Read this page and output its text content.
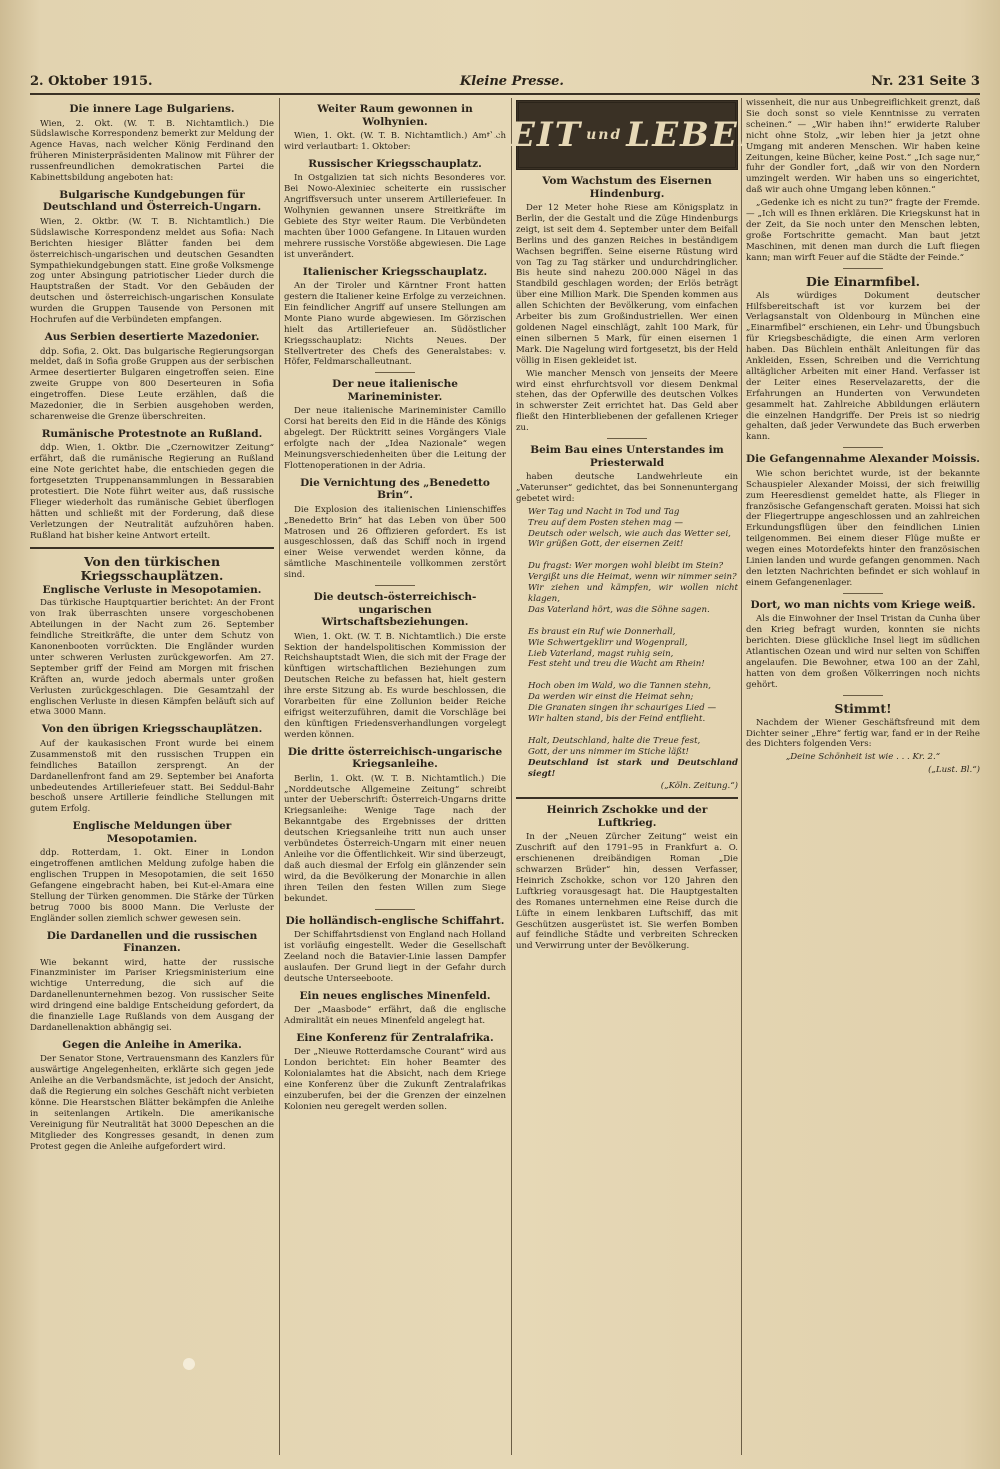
2. Oktober 1915.	Kleine Presse.	Nr. 231 Seite 3
Die innere Lage Bulgariens.

Wien, 2. Okt. (W. T. B. Nichtamtlich.) Die Südslawische Korrespondenz bemerkt zur Meldung der Agence Havas, nach welcher König Ferdinand den früheren Ministerpräsidenten Malinow mit Führer der russenfreundlichen demokratischen Partei die Kabinettsbildung angeboten hat:

Bulgarische Kundgebungen für Deutschland und Österreich-Ungarn.

Wien, 2. Oktbr. (W. T. B. Nichtamtlich.) Die Südslawische Korrespondenz meldet aus Sofia: Nach Berichten hiesiger Blätter fanden bei dem österreichisch-ungarischen und deutschen Gesandten Sympathiekundgebungen statt. Eine große Volksmenge zog unter Absingung patriotischer Lieder durch die Hauptstraßen der Stadt. Vor den Gebäuden der deutschen und österreichisch-ungarischen Konsulate wurden die Gruppen Tausende von Personen mit Hochrufen auf die Verbündeten empfangen.

Aus Serbien desertierte Mazedonier.

ddp. Sofia, 2. Okt. Das bulgarische Regierungsorgan meldet, daß in Sofia große Gruppen aus der serbischen Armee desertierter Bulgaren eingetroffen seien. Eine zweite Gruppe von 800 Deserteuren in Sofia eingetroffen. Diese Leute erzählen, daß die Mazedonier, die in Serbien ausgehoben werden, scharenweise die Grenze überschreiten.

Rumänische Protestnote an Rußland.

ddp. Wien, 1. Oktbr. Die „Czernowitzer Zeitung“ erfährt, daß die rumänische Regierung an Rußland eine Note gerichtet habe, die entschieden gegen die fortgesetzten Truppenansammlungen in Bessarabien protestiert. Die Note führt weiter aus, daß russische Flieger wiederholt das rumänische Gebiet überflogen hätten und schließt mit der Forderung, daß diese Verletzungen der Neutralität aufzuhören haben. Rußland hat bisher keine Antwort erteilt.

Von den türkischen Kriegsschauplätzen.
Englische Verluste in Mesopotamien.

Das türkische Hauptquartier berichtet: An der Front von Irak überraschten unsere vorgeschobenen Abteilungen in der Nacht zum 26. September feindliche Streitkräfte, die unter dem Schutz von Kanonenbooten vorrückten. Die Engländer wurden unter schweren Verlusten zurückgeworfen. Am 27. September griff der Feind am Morgen mit frischen Kräften an, wurde jedoch abermals unter großen Verlusten zurückgeschlagen. Die Gesamtzahl der englischen Verluste in diesen Kämpfen beläuft sich auf etwa 3000 Mann.

Von den übrigen Kriegsschauplätzen.

Auf der kaukasischen Front wurde bei einem Zusammenstoß mit den russischen Truppen ein feindliches Bataillon zersprengt. An der Dardanellenfront fand am 29. September bei Anaforta unbedeutendes Artilleriefeuer statt. Bei Seddul-Bahr beschoß unsere Artillerie feindliche Stellungen mit gutem Erfolg.

Englische Meldungen über Mesopotamien.

ddp. Rotterdam, 1. Okt. Einer in London eingetroffenen amtlichen Meldung zufolge haben die englischen Truppen in Mesopotamien, die seit 1650 Gefangene eingebracht haben, bei Kut-el-Amara eine Stellung der Türken genommen. Die Stärke der Türken betrug 7000 bis 8000 Mann. Die Verluste der Engländer sollen ziemlich schwer gewesen sein.

Die Dardanellen und die russischen Finanzen.

Wie bekannt wird, hatte der russische Finanzminister im Pariser Kriegsministerium eine wichtige Unterredung, die sich auf die Dardanellenunternehmen bezog. Von russischer Seite wird dringend eine baldige Entscheidung gefordert, da die finanzielle Lage Rußlands von dem Ausgang der Dardanellenaktion abhängig sei.

Gegen die Anleihe in Amerika.

Der Senator Stone, Vertrauensmann des Kanzlers für auswärtige Angelegenheiten, erklärte sich gegen jede Anleihe an die Verbandsmächte, ist jedoch der Ansicht, daß die Regierung ein solches Geschäft nicht verbieten könne. Die Hearstschen Blätter bekämpfen die Anleihe in seitenlangen Artikeln. Die amerikanische Vereinigung für Neutralität hat 3000 Depeschen an die Mitglieder des Kongresses gesandt, in denen zum Protest gegen die Anleihe aufgefordert wird.

Weiter Raum gewonnen in Wolhynien.

Wien, 1. Okt. (W. T. B. Nichtamtlich.) Amtlich wird verlautbart: 1. Oktober:

Russischer Kriegsschauplatz.

In Ostgalizien tat sich nichts Besonderes vor. Bei Nowo-Alexiniec scheiterte ein russischer Angriffsversuch unter unserem Artilleriefeuer. In Wolhynien gewannen unsere Streitkräfte im Gebiete des Styr weiter Raum. Die Verbündeten machten über 1000 Gefangene. In Litauen wurden mehrere russische Vorstöße abgewiesen. Die Lage ist unverändert.

Italienischer Kriegsschauplatz.

An der Tiroler und Kärntner Front hatten gestern die Italiener keine Erfolge zu verzeichnen. Ein feindlicher Angriff auf unsere Stellungen am Monte Piano wurde abgewiesen. Im Görzischen hielt das Artilleriefeuer an. Südöstlicher Kriegsschauplatz: Nichts Neues. Der Stellvertreter des Chefs des Generalstabes: v. Höfer, Feldmarschalleutnant.

Der neue italienische Marineminister.

Der neue italienische Marineminister Camillo Corsi hat bereits den Eid in die Hände des Königs abgelegt. Der Rücktritt seines Vorgängers Viale erfolgte nach der „Idea Nazionale“ wegen Meinungsverschiedenheiten über die Leitung der Flottenoperationen in der Adria.

Die Vernichtung des „Benedetto Brin“.

Die Explosion des italienischen Linienschiffes „Benedetto Brin“ hat das Leben von über 500 Matrosen und 26 Offizieren gefordert. Es ist ausgeschlossen, daß das Schiff noch in irgend einer Weise verwendet werden könne, da sämtliche Maschinenteile vollkommen zerstört sind.

Die deutsch-österreichisch-ungarischen Wirtschaftsbeziehungen.

Wien, 1. Okt. (W. T. B. Nichtamtlich.) Die erste Sektion der handelspolitischen Kommission der Reichshauptstadt Wien, die sich mit der Frage der künftigen wirtschaftlichen Beziehungen zum Deutschen Reiche zu befassen hat, hielt gestern ihre erste Sitzung ab. Es wurde beschlossen, die Vorarbeiten für eine Zollunion beider Reiche eifrigst weiterzuführen, damit die Vorschläge bei den künftigen Friedensverhandlungen vorgelegt werden können.

Die dritte österreichisch-ungarische Kriegsanleihe.

Berlin, 1. Okt. (W. T. B. Nichtamtlich.) Die „Norddeutsche Allgemeine Zeitung“ schreibt unter der Ueberschrift: Österreich-Ungarns dritte Kriegsanleihe: Wenige Tage nach der Bekanntgabe des Ergebnisses der dritten deutschen Kriegsanleihe tritt nun auch unser verbündetes Österreich-Ungarn mit einer neuen Anleihe vor die Öffentlichkeit. Wir sind überzeugt, daß auch diesmal der Erfolg ein glänzender sein wird, da die Bevölkerung der Monarchie in allen ihren Teilen den festen Willen zum Siege bekundet.

Die holländisch-englische Schiffahrt.

Der Schiffahrtsdienst von England nach Holland ist vorläufig eingestellt. Weder die Gesellschaft Zeeland noch die Batavier-Linie lassen Dampfer auslaufen. Der Grund liegt in der Gefahr durch deutsche Unterseeboote.

Ein neues englisches Minenfeld.

Der „Maasbode“ erfährt, daß die englische Admiralität ein neues Minenfeld angelegt hat.

Eine Konferenz für Zentralafrika.

Der „Nieuwe Rotterdamsche Courant“ wird aus London berichtet: Ein hoher Beamter des Kolonialamtes hat die Absicht, nach dem Kriege eine Konferenz über die Zukunft Zentralafrikas einzuberufen, bei der die Grenzen der einzelnen Kolonien neu geregelt werden sollen.

ZEIT und LEBEN
Vom Wachstum des Eisernen Hindenburg.

Der 12 Meter hohe Riese am Königsplatz in Berlin, der die Gestalt und die Züge Hindenburgs zeigt, ist seit dem 4. September unter dem Beifall Berlins und des ganzen Reiches in beständigem Wachsen begriffen. Seine eiserne Rüstung wird von Tag zu Tag stärker und undurchdringlicher. Bis heute sind nahezu 200.000 Nägel in das Standbild geschlagen worden; der Erlös beträgt über eine Million Mark. Die Spenden kommen aus allen Schichten der Bevölkerung, vom einfachen Arbeiter bis zum Großindustriellen. Wer einen goldenen Nagel einschlägt, zahlt 100 Mark, für einen silbernen 5 Mark, für einen eisernen 1 Mark. Die Nagelung wird fortgesetzt, bis der Held völlig in Eisen gekleidet ist.

Wie mancher Mensch von jenseits der Meere wird einst ehrfurchtsvoll vor diesem Denkmal stehen, das der Opferwille des deutschen Volkes in schwerster Zeit errichtet hat. Das Geld aber fließt den Hinterbliebenen der gefallenen Krieger zu.

Beim Bau eines Unterstandes im Priesterwald

haben deutsche Landwehrleute ein „Vaterunser“ gedichtet, das bei Sonnenuntergang gebetet wird:

Wer Tag und Nacht in Tod und Tag

Treu auf dem Posten stehen mag —

Deutsch oder welsch, wie auch das Wetter sei,

Wir grüßen Gott, der eisernen Zeit!

Du fragst: Wer morgen wohl bleibt im Stein?

Vergißt uns die Heimat, wenn wir nimmer sein?

Wir ziehen und kämpfen, wir wollen nicht klagen,

Das Vaterland hört, was die Söhne sagen.

Es braust ein Ruf wie Donnerhall,

Wie Schwertgeklirr und Wogenprall,

Lieb Vaterland, magst ruhig sein,

Fest steht und treu die Wacht am Rhein!

Hoch oben im Wald, wo die Tannen stehn,

Da werden wir einst die Heimat sehn;

Die Granaten singen ihr schauriges Lied —

Wir halten stand, bis der Feind entflieht.

Halt, Deutschland, halte die Treue fest,

Gott, der uns nimmer im Stiche läßt!

Deutschland ist stark und Deutschland siegt!

(„Köln. Zeitung.“)
Heinrich Zschokke und der Luftkrieg.

In der „Neuen Zürcher Zeitung“ weist ein Zuschrift auf den 1791–95 in Frankfurt a. O. erschienenen dreibändigen Roman „Die schwarzen Brüder“ hin, dessen Verfasser, Heinrich Zschokke, schon vor 120 Jahren den Luftkrieg vorausgesagt hat. Die Hauptgestalten des Romanes unternehmen eine Reise durch die Lüfte in einem lenkbaren Luftschiff, das mit Geschützen ausgerüstet ist. Sie werfen Bomben auf feindliche Städte und verbreiten Schrecken und Verwirrung unter der Bevölkerung.

wissenheit, die nur aus Unbegreiflichkeit grenzt, daß Sie doch sonst so viele Kenntnisse zu verraten scheinen.“ — „Wir haben ihn!“ erwiderte Raluber nicht ohne Stolz, „wir leben hier ja jetzt ohne Umgang mit anderen Menschen. Wir haben keine Zeitungen, keine Bücher, keine Post.“ „Ich sage nur,“ fuhr der Gondler fort, „daß wir von den Nordern umzingelt werden. Wir haben uns so eingerichtet, daß wir auch ohne Umgang leben können.“

„Gedenke ich es nicht zu tun?“ fragte der Fremde. — „Ich will es Ihnen erklären. Die Kriegskunst hat in der Zeit, da Sie noch unter den Menschen lebten, große Fortschritte gemacht. Man baut jetzt Maschinen, mit denen man durch die Luft fliegen kann; man wirft Feuer auf die Städte der Feinde.“

Die Einarmfibel.

Als würdiges Dokument deutscher Hilfsbereitschaft ist vor kurzem bei der Verlagsanstalt von Oldenbourg in München eine „Einarmfibel“ erschienen, ein Lehr- und Übungsbuch für Kriegsbeschädigte, die einen Arm verloren haben. Das Büchlein enthält Anleitungen für das Ankleiden, Essen, Schreiben und die Verrichtung alltäglicher Arbeiten mit einer Hand. Verfasser ist der Leiter eines Reservelazaretts, der die Erfahrungen an Hunderten von Verwundeten gesammelt hat. Zahlreiche Abbildungen erläutern die einzelnen Handgriffe. Der Preis ist so niedrig gehalten, daß jeder Verwundete das Buch erwerben kann.

Die Gefangennahme Alexander Moissis.

Wie schon berichtet wurde, ist der bekannte Schauspieler Alexander Moissi, der sich freiwillig zum Heeresdienst gemeldet hatte, als Flieger in französische Gefangenschaft geraten. Moissi hat sich der Fliegertruppe angeschlossen und an zahlreichen Erkundungsflügen über den feindlichen Linien teilgenommen. Bei einem dieser Flüge mußte er wegen eines Motordefekts hinter den französischen Linien landen und wurde gefangen genommen. Nach den letzten Nachrichten befindet er sich wohlauf in einem Gefangenenlager.

Dort, wo man nichts vom Kriege weiß.

Als die Einwohner der Insel Tristan da Cunha über den Krieg befragt wurden, konnten sie nichts berichten. Diese glückliche Insel liegt im südlichen Atlantischen Ozean und wird nur selten von Schiffen angelaufen. Die Bewohner, etwa 100 an der Zahl, hatten von dem großen Völkerringen noch nichts gehört.

Stimmt!

Nachdem der Wiener Geschäftsfreund mit dem Dichter seiner „Ehre“ fertig war, fand er in der Reihe des Dichters folgenden Vers:

„Deine Schönheit ist wie . . . Kr. 2.“

(„Lust. Bl.“)
